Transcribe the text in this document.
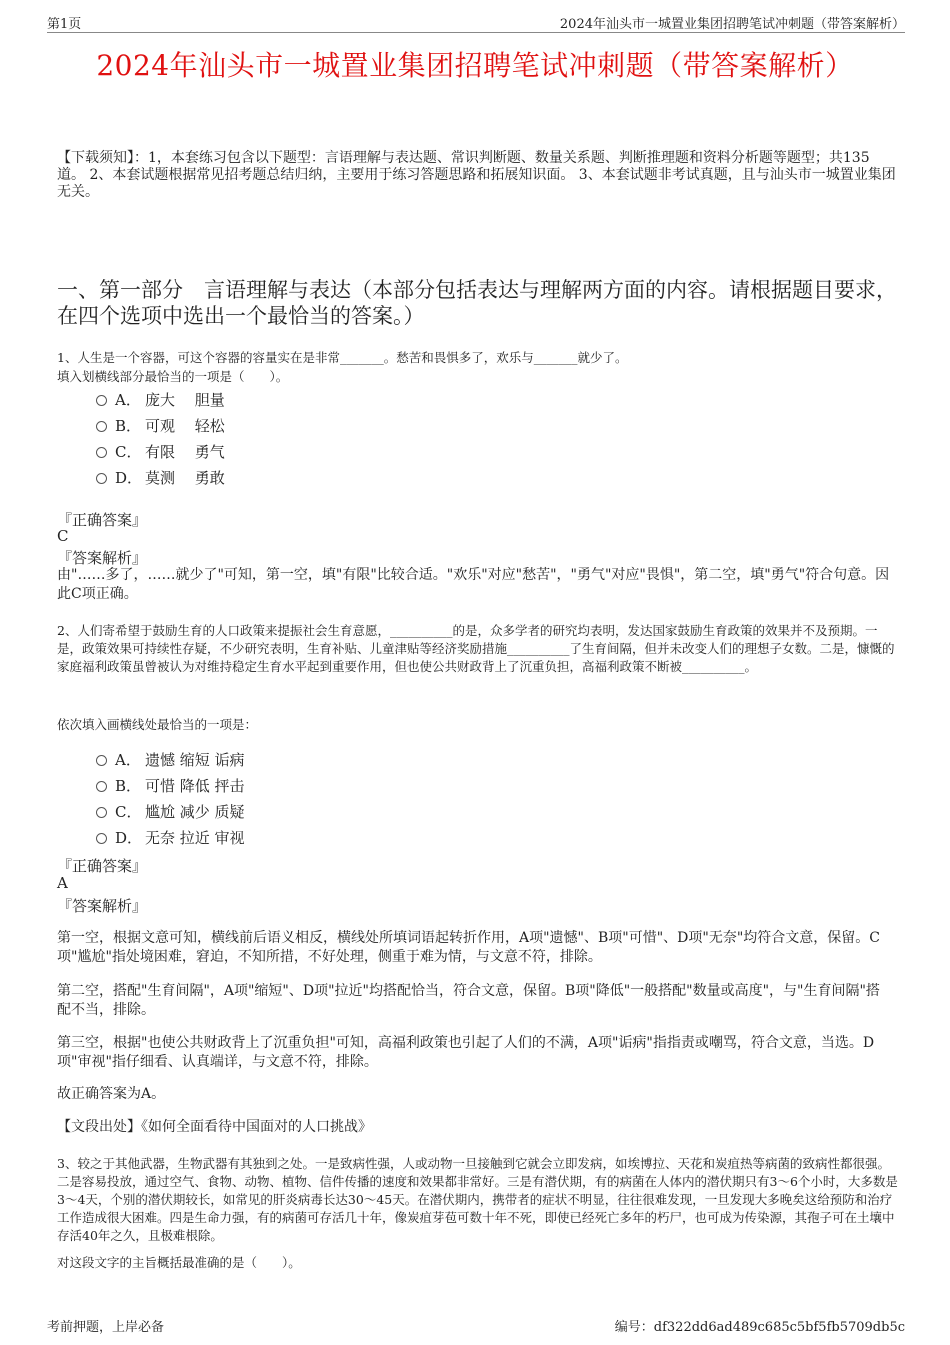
第1页	2024年汕头市一城置业集团招聘笔试冲刺题（带答案解析）
2024年汕头市一城置业集团招聘笔试冲刺题（带答案解析）
【下载须知】：1，本套练习包含以下题型：言语理解与表达题、常识判断题、数量关系题、判断推理题和资料分析题等题型；共135道。 2、本套试题根据常见招考题总结归纳，主要用于练习答题思路和拓展知识面。 3、本套试题非考试真题，且与汕头市一城置业集团无关。
一、第一部分　言语理解与表达（本部分包括表达与理解两方面的内容。请根据题目要求，在四个选项中选出一个最恰当的答案。）
1、人生是一个容器，可这个容器的容量实在是非常_______。愁苦和畏惧多了，欢乐与_______就少了。
填入划横线部分最恰当的一项是（　　）。
A． 庞大　 胆量
B． 可观　 轻松
C． 有限　 勇气
D． 莫测　 勇敢
『正确答案』
C
『答案解析』
由"……多了，……就少了"可知，第一空，填"有限"比较合适。"欢乐"对应"愁苦"，"勇气"对应"畏惧"，第二空，填"勇气"符合句意。因此C项正确。
2、人们寄希望于鼓励生育的人口政策来提振社会生育意愿，__________的是，众多学者的研究均表明，发达国家鼓励生育政策的效果并不及预期。一是，政策效果可持续性存疑，不少研究表明，生育补贴、儿童津贴等经济奖励措施__________了生育间隔，但并未改变人们的理想子女数。二是，慷慨的家庭福利政策虽曾被认为对维持稳定生育水平起到重要作用，但也使公共财政背上了沉重负担，高福利政策不断被__________。
依次填入画横线处最恰当的一项是：
A． 遗憾 缩短 诟病
B． 可惜 降低 抨击
C． 尴尬 减少 质疑
D． 无奈 拉近 审视
『正确答案』
A
『答案解析』
第一空，根据文意可知，横线前后语义相反，横线处所填词语起转折作用，A项"遗憾"、B项"可惜"、D项"无奈"均符合文意，保留。C项"尴尬"指处境困难，窘迫，不知所措，不好处理，侧重于难为情，与文意不符，排除。
第二空，搭配"生育间隔"，A项"缩短"、D项"拉近"均搭配恰当，符合文意，保留。B项"降低"一般搭配"数量或高度"，与"生育间隔"搭配不当，排除。
第三空，根据"也使公共财政背上了沉重负担"可知，高福利政策也引起了人们的不满，A项"诟病"指指责或嘲骂，符合文意，当选。D项"审视"指仔细看、认真端详，与文意不符，排除。
故正确答案为A。
【文段出处】《如何全面看待中国面对的人口挑战》
3、较之于其他武器，生物武器有其独到之处。一是致病性强，人或动物一旦接触到它就会立即发病，如埃博拉、天花和炭疽热等病菌的致病性都很强。二是容易投放，通过空气、食物、动物、植物、信件传播的速度和效果都非常好。三是有潜伏期，有的病菌在人体内的潜伏期只有3～6个小时，大多数是3～4天，个别的潜伏期较长，如常见的肝炎病毒长达30～45天。在潜伏期内，携带者的症状不明显，往往很难发现，一旦发现大多晚矣这给预防和治疗工作造成很大困难。四是生命力强，有的病菌可存活几十年，像炭疽芽苞可数十年不死，即使已经死亡多年的朽尸，也可成为传染源，其孢子可在土壤中存活40年之久，且极难根除。
对这段文字的主旨概括最准确的是（　　）。
考前押题，上岸必备	编号：df322dd6ad489c685c5bf5fb5709db5c
